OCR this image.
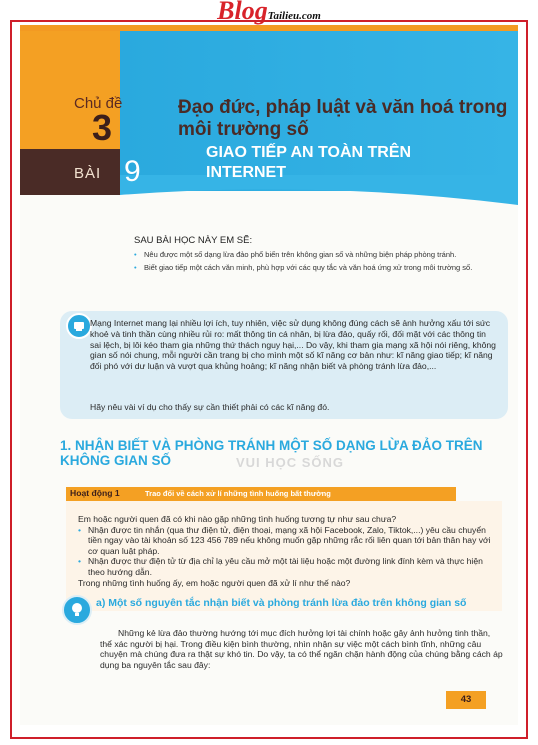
BlogTailieu.com
Chủ đề
3
BÀI 9
Đạo đức, pháp luật và văn hoá trong môi trường số
GIAO TIẾP AN TOÀN TRÊN INTERNET
SAU BÀI HỌC NÀY EM SẼ:
• Nêu được một số dạng lừa đảo phổ biến trên không gian số và những biện pháp phòng tránh.
• Biết giao tiếp một cách văn minh, phù hợp với các quy tắc và văn hoá ứng xử trong môi trường số.
Mạng Internet mang lại nhiều lợi ích, tuy nhiên, việc sử dụng không đúng cách sẽ ảnh hưởng xấu tới sức khoẻ và tinh thần cùng nhiều rủi ro: mất thông tin cá nhân, bị lừa đảo, quấy rối, đối mặt với các thông tin sai lệch, bị lôi kéo tham gia những thứ thách nguy hại,... Do vậy, khi tham gia mạng xã hội nói riêng, không gian số nói chung, mỗi người cần trang bị cho mình một số kĩ năng cơ bản như: kĩ năng giao tiếp; kĩ năng đối phó với dư luận và vượt qua khủng hoảng; kĩ năng nhận biết và phòng tránh lừa đảo,...
Hãy nêu vài ví dụ cho thấy sự cần thiết phải có các kĩ năng đó.
1. NHẬN BIẾT VÀ PHÒNG TRÁNH MỘT SỐ DẠNG LỪA ĐẢO TRÊN KHÔNG GIAN SỐ	VUI HỌC SỐNG
Hoạt động 1	Trao đổi về cách xử lí những tình huống bất thường

Em hoặc người quen đã có khi nào gặp những tình huống tương tự như sau chưa?

• Nhận được tin nhắn (qua thư điện tử, điện thoại, mạng xã hội Facebook, Zalo, Tiktok,...) yêu cầu chuyển tiền ngay vào tài khoản số 123 456 789 nếu không muốn gặp những rắc rối liên quan tới bản thân hay với cơ quan luật pháp.
• Nhận được thư điện tử từ địa chỉ lạ yêu cầu mở một tài liệu hoặc một đường link đính kèm và thực hiện theo hướng dẫn.

Trong những tình huống ấy, em hoặc người quen đã xử lí như thế nào?

a) Một số nguyên tắc nhận biết và phòng tránh lừa đảo trên không gian số
Những kẻ lừa đảo thường hướng tới mục đích hưởng lợi tài chính hoặc gây ảnh hưởng tinh thần, thể xác người bị hại. Trong điều kiện bình thường, nhìn nhận sự việc một cách bình tĩnh, những câu chuyện mà chúng đưa ra thật sự khó tin. Do vậy, ta có thể ngăn chặn hành động của chúng bằng cách áp dụng ba nguyên tắc sau đây:
43
